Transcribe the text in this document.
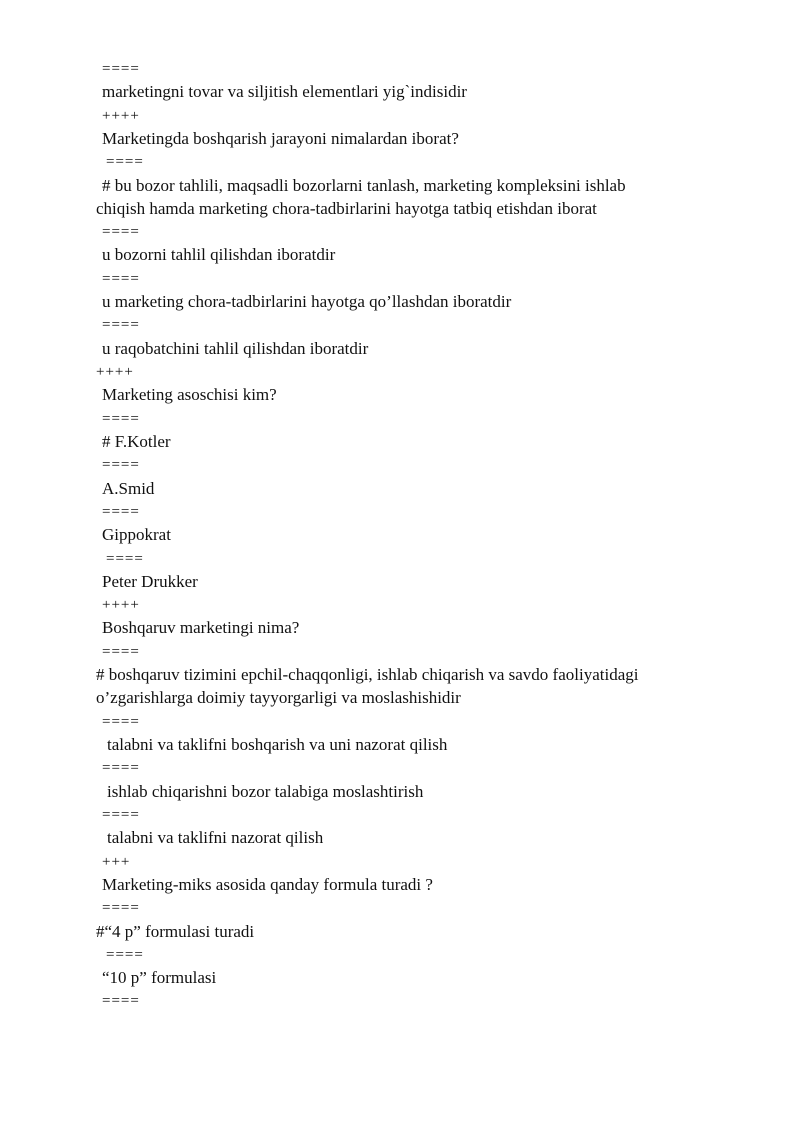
====
marketingni tovar va siljitish elementlari yig`indisidir
++++
Marketingda boshqarish jarayoni nimalardan iborat?
====
# bu bozor tahlili, maqsadli bozorlarni tanlash, marketing kompleksini ishlab
chiqish hamda marketing chora-tadbirlarini hayotga tatbiq etishdan iborat
====
u bozorni tahlil qilishdan iboratdir
====
u marketing chora-tadbirlarini hayotga qo’llashdan iboratdir
====
u raqobatchini tahlil qilishdan iboratdir
++++
Marketing asoschisi kim?
====
# F.Kotler
====
A.Smid
====
Gippokrat
====
Peter Drukker
++++
Boshqaruv marketingi nima?
====
# boshqaruv tizimini epchil-chaqqonligi, ishlab chiqarish va savdo faoliyatidagi
o’zgarishlarga doimiy tayyorgarligi va moslashishidir
====
talabni va taklifni boshqarish va uni nazorat qilish
====
ishlab chiqarishni bozor talabiga moslashtirish
====
talabni va taklifni nazorat qilish
+++
Marketing-miks asosida qanday formula turadi ?
====
#“4 p” formulasi turadi
====
“10 p” formulasi
====
